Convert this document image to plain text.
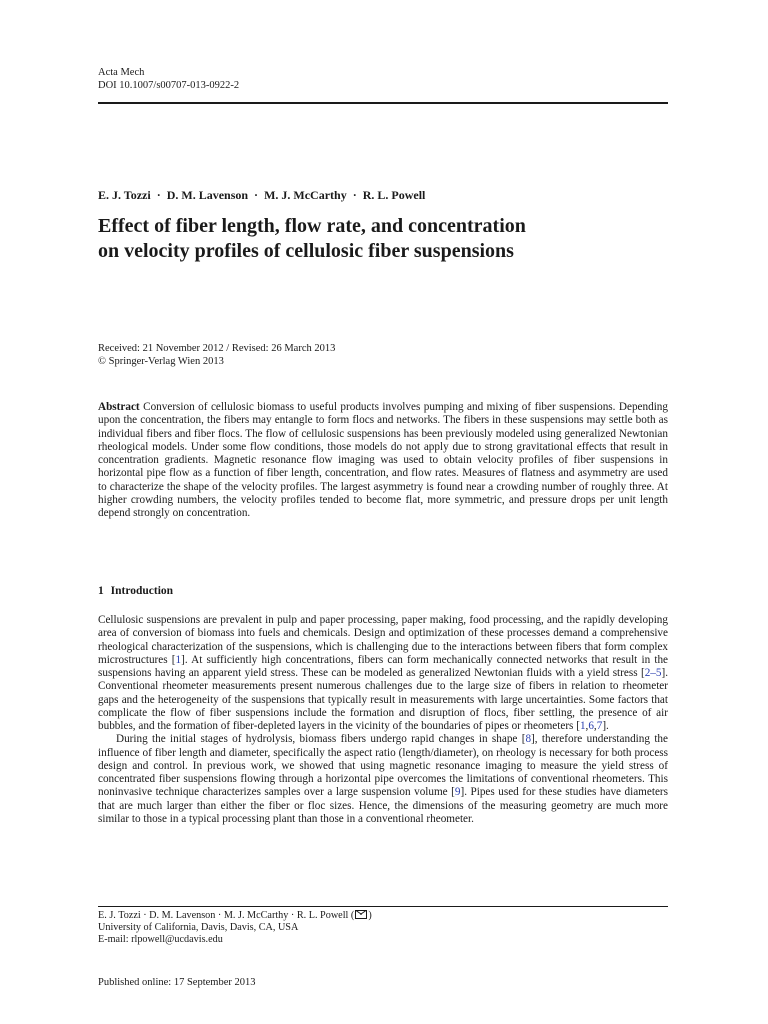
Acta Mech
DOI 10.1007/s00707-013-0922-2
E. J. Tozzi · D. M. Lavenson · M. J. McCarthy · R. L. Powell
Effect of fiber length, flow rate, and concentration
on velocity profiles of cellulosic fiber suspensions
Received: 21 November 2012 / Revised: 26 March 2013
© Springer-Verlag Wien 2013
Abstract Conversion of cellulosic biomass to useful products involves pumping and mixing of fiber suspensions. Depending upon the concentration, the fibers may entangle to form flocs and networks. The fibers in these suspensions may settle both as individual fibers and fiber flocs. The flow of cellulosic suspensions has been previously modeled using generalized Newtonian rheological models. Under some flow conditions, those models do not apply due to strong gravitational effects that result in concentration gradients. Magnetic resonance flow imaging was used to obtain velocity profiles of fiber suspensions in horizontal pipe flow as a function of fiber length, concentration, and flow rates. Measures of flatness and asymmetry are used to characterize the shape of the velocity profiles. The largest asymmetry is found near a crowding number of roughly three. At higher crowding numbers, the velocity profiles tended to become flat, more symmetric, and pressure drops per unit length depend strongly on concentration.
1 Introduction

Cellulosic suspensions are prevalent in pulp and paper processing, paper making, food processing, and the rapidly developing area of conversion of biomass into fuels and chemicals. Design and optimization of these processes demand a comprehensive rheological characterization of the suspensions, which is challenging due to the interactions between fibers that form complex microstructures [1]. At sufficiently high concentrations, fibers can form mechanically connected networks that result in the suspensions having an apparent yield stress. These can be modeled as generalized Newtonian fluids with a yield stress [2–5]. Conventional rheometer measurements present numerous challenges due to the large size of fibers in relation to rheometer gaps and the heterogeneity of the suspensions that typically result in measurements with large uncertainties. Some factors that complicate the flow of fiber suspensions include the formation and disruption of flocs, fiber settling, the presence of air bubbles, and the formation of fiber-depleted layers in the vicinity of the boundaries of pipes or rheometers [1,6,7].

During the initial stages of hydrolysis, biomass fibers undergo rapid changes in shape [8], therefore understanding the influence of fiber length and diameter, specifically the aspect ratio (length/diameter), on rheology is necessary for both process design and control. In previous work, we showed that using magnetic resonance imaging to measure the yield stress of concentrated fiber suspensions flowing through a horizontal pipe overcomes the limitations of conventional rheometers. This noninvasive technique characterizes samples over a large suspension volume [9]. Pipes used for these studies have diameters that are much larger than either the fiber or floc sizes. Hence, the dimensions of the measuring geometry are much more similar to those in a typical processing plant than those in a conventional rheometer.

E. J. Tozzi · D. M. Lavenson · M. J. McCarthy · R. L. Powell ( )
University of California, Davis, Davis, CA, USA
E-mail: rlpowell@ucdavis.edu
Published online: 17 September 2013
